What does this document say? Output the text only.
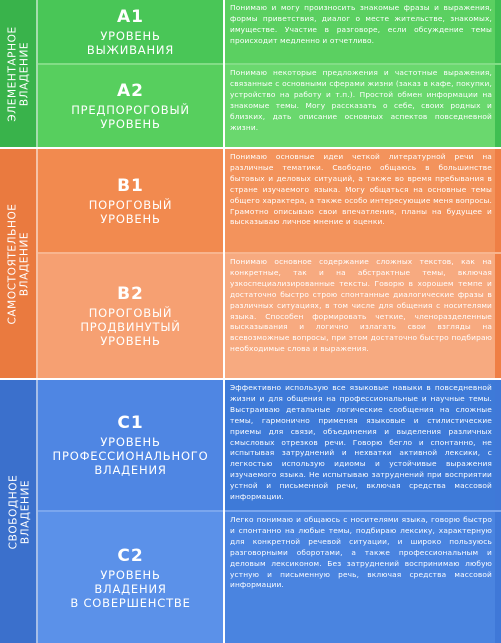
ЭЛЕМЕНТАРНОЕ
ВЛАДЕНИЕ
A1
УРОВЕНЬ
ВЫЖИВАНИЯ
Понимаю и могу произносить знакомые фразы и выражения, формы приветствия, диалог о месте жительстве, знакомых, имуществе. Участие в разговоре, если обсуждение темы происходит медленно и отчетливо.
A2
ПРЕДПОРОГОВЫЙ
УРОВЕНЬ
Понимаю некоторые предложения и частотные выражения, связанные с основными сферами жизни (заказ в кафе, покупки, устройство на работу и т.п.). Простой обмен информации на знакомые темы. Могу рассказать о себе, своих родных и близких, дать описание основных аспектов повседневной жизни.
САМОСТОЯТЕЛЬНОЕ
ВЛАДЕНИЕ
B1
ПОРОГОВЫЙ
УРОВЕНЬ
Понимаю основные идеи четкой литературной речи на различные тематики. Свободно общаюсь в большинстве бытовых и деловых ситуаций, а также во время пребывания в стране изучаемого языка. Могу общаться на основные темы общего характера, а также особо интересующие меня вопросы. Грамотно описываю свои впечатления, планы на будущее и высказываю личное мнение и оценки.
B2
ПОРОГОВЫЙ
ПРОДВИНУТЫЙ
УРОВЕНЬ
Понимаю основное содержание сложных текстов, как на конкретные, так и на абстрактные темы, включая узкоспециализированные тексты. Говорю в хорошем темпе и достаточно быстро строю спонтанные диалогические фразы в различных ситуациях, в том числе для общения с носителями языка. Способен формировать четкие, членоразделенные высказывания и логично излагать свои взгляды на всевозможные вопросы, при этом достаточно быстро подбираю необходимые слова и выражения.
СВОБОДНОЕ
ВЛАДЕНИЕ
C1
УРОВЕНЬ
ПРОФЕССИОНАЛЬНОГО
ВЛАДЕНИЯ
Эффективно использую все языковые навыки в повседневной жизни и для общения на профессиональные и научные темы. Выстраиваю детальные логические сообщения на сложные темы, гармонично применяя языковые и стилистические приемы для связи, объединения и выделения различных смысловых отрезков речи. Говорю бегло и спонтанно, не испытывая затруднений и нехватки активной лексики, с легкостью использую идиомы и устойчивые выражения изучаемого языка. Не испытываю затруднений при восприятии устной и письменной речи, включая средства массовой информации.
C2
УРОВЕНЬ
ВЛАДЕНИЯ
В СОВЕРШЕНСТВЕ
Легко понимаю и общаюсь с носителями языка, говорю быстро и спонтанно на любые темы, подбираю лексику, характерную для конкретной речевой ситуации, и широко пользуюсь разговорными оборотами, а также профессиональным и деловым лексиконом. Без затруднений воспринимаю любую устную и письменную речь, включая средства массовой информации.
